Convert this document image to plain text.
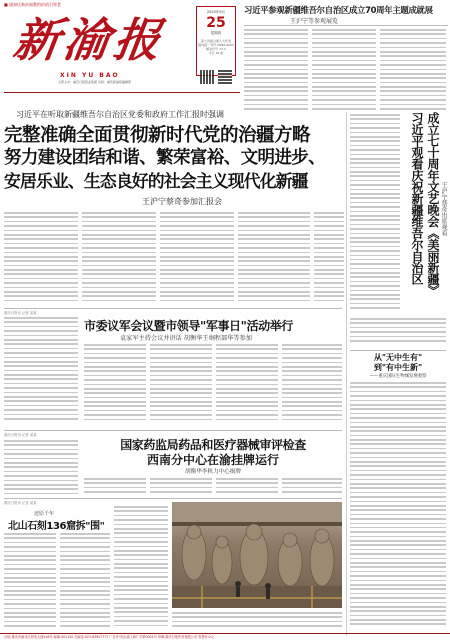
■ 通知任新祈福教的价值引领者
新渝报
XIN YU BAO
主管主办：重庆日报报业集团 出版：重庆新渝报编辑部
2025年9月
25
星期四
第十四届全国人大代表
国内统一刊号 CN50-0001
邮发代号 77-1
今日 16 版
习近平参观新疆维吾尔自治区成立70周年主题成就展
王沪宁等参观展览
习近平在听取新疆维吾尔自治区党委和政府工作汇报时强调
完整准确全面贯彻新时代党的治疆方略
努力建设团结和谐、繁荣富裕、文明进步、
安居乐业、生态良好的社会主义现代化新疆
王沪宁蔡奇参加汇报会	习近平观看庆祝新疆维吾尔自治区 成立七十周年文艺晚会《美丽新疆》 王沪宁蔡奇出席观看
从"无中生有"
到"有中生新"
——重庆国际生物城发展观察
重庆日报讯 记者 某某
市委议军会议暨市领导"军事日"活动举行
袁家军主持会议并讲话 胡衡华王炯程部华等参加
重庆日报讯 记者 某某
国家药监局药品和医疗器械审评检查
西南分中心在渝挂牌运行
胡衡华李秋力中心揭牌
重庆日报讯 记者 某某
还原千年
北山石刻136窟拆"围"
社址:重庆市渝北区同茂大道416号 邮编:401120 总编室:023-63907777 广告许可证:渝工商广字第0001号 印刷:重庆日报印务有限公司 零售价:2元
